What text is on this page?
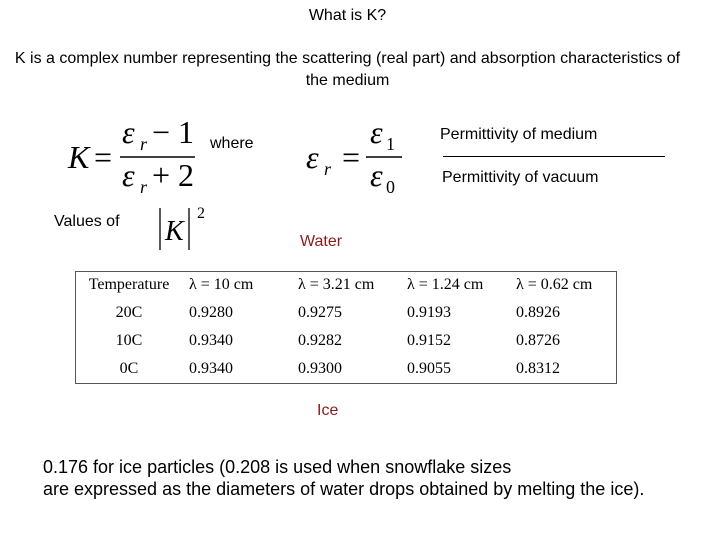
What is K?
K is a complex number representing the scattering (real part) and absorption characteristics of the medium
K =
ε r − 1
ε r + 2
where ε r =
ε 1
ε 0
Permittivity of medium
Permittivity of vacuum
Values of K
2
Water
Temperature	λ = 10 cm	λ = 3.21 cm	λ = 1.24 cm	λ = 0.62 cm
20C	0.9280	0.9275	0.9193	0.8926
10C	0.9340	0.9282	0.9152	0.8726
0C	0.9340	0.9300	0.9055	0.8312
Ice
0.176 for ice particles (0.208 is used when snowflake sizes
are expressed as the diameters of water drops obtained by melting the ice).
